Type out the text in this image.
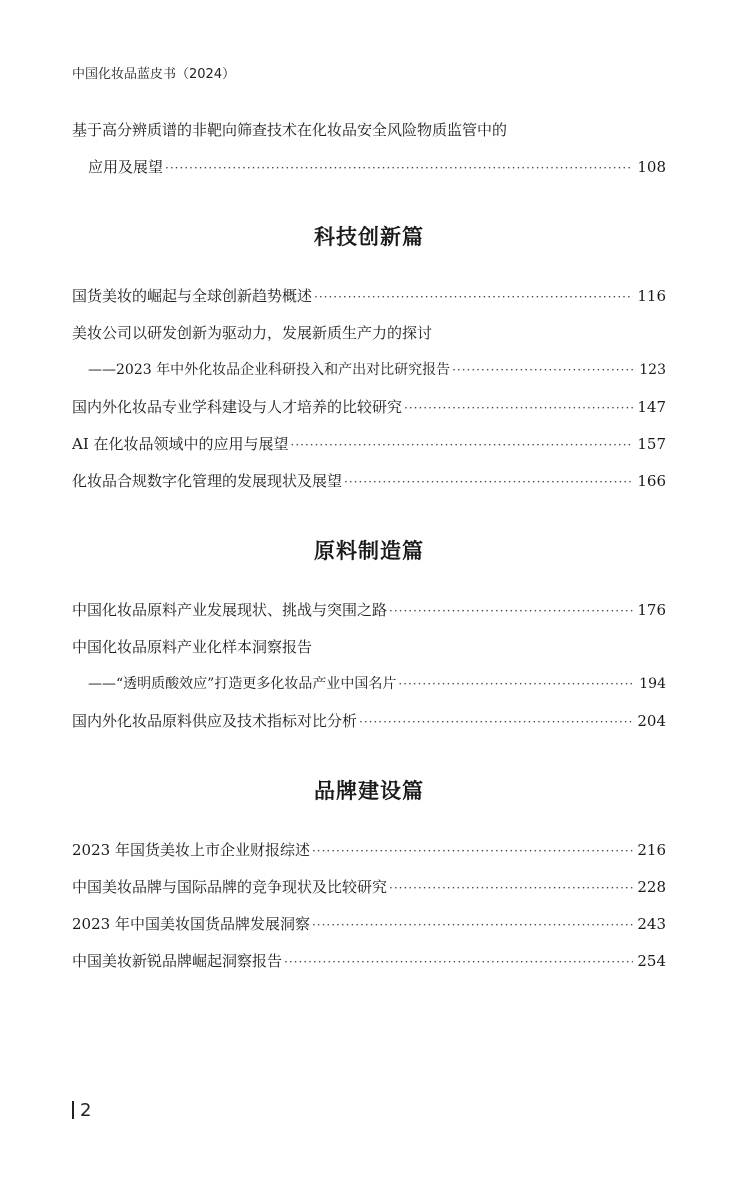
中国化妆品蓝皮书（2024）
基于高分辨质谱的非靶向筛查技术在化妆品安全风险物质监管中的
应用及展望 ·····	108
科技创新篇
国货美妆的崛起与全球创新趋势概述 ·····	116
美妆公司以研发创新为驱动力，发展新质生产力的探讨
——2023 年中外化妆品企业科研投入和产出对比研究报告 ·····	123
国内外化妆品专业学科建设与人才培养的比较研究 ·····	147
AI 在化妆品领域中的应用与展望 ·····	157
化妆品合规数字化管理的发展现状及展望 ·····	166
原料制造篇
中国化妆品原料产业发展现状、挑战与突围之路 ·····	176
中国化妆品原料产业化样本洞察报告
——“透明质酸效应”打造更多化妆品产业中国名片 ·····	194
国内外化妆品原料供应及技术指标对比分析 ·····	204
品牌建设篇
2023 年国货美妆上市企业财报综述 ·····	216
中国美妆品牌与国际品牌的竞争现状及比较研究 ·····	228
2023 年中国美妆国货品牌发展洞察 ·····	243
中国美妆新锐品牌崛起洞察报告 ·····	254
2
